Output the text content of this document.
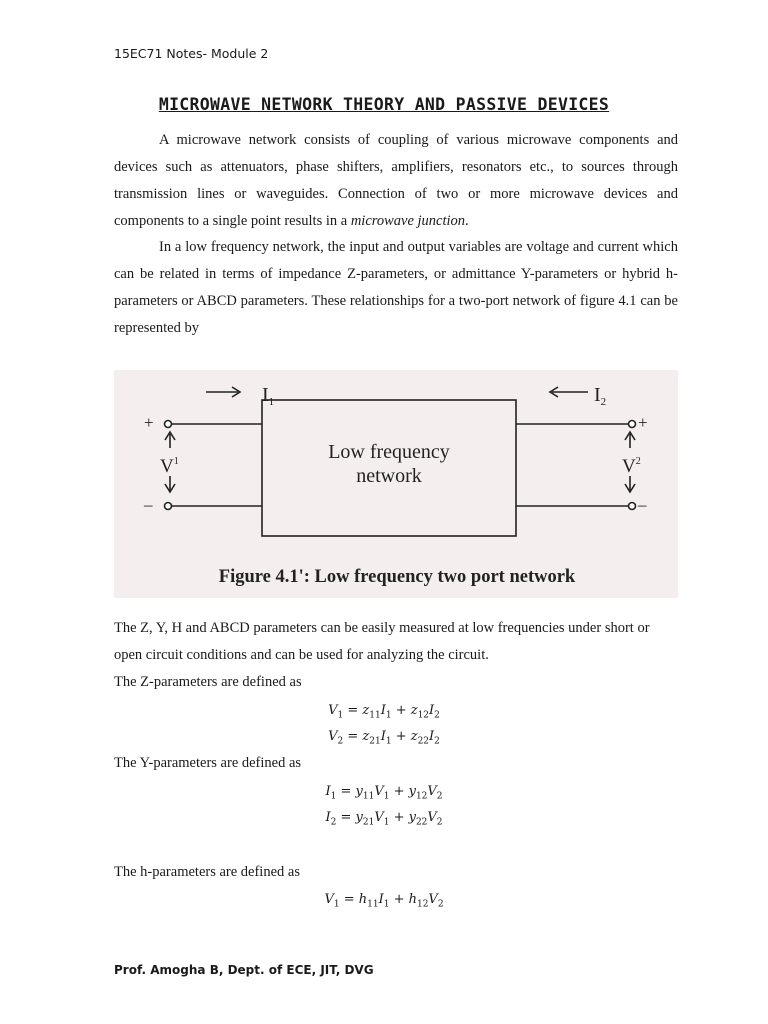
15EC71 Notes- Module 2
MICROWAVE NETWORK THEORY AND PASSIVE DEVICES

A microwave network consists of coupling of various microwave components and devices such as attenuators, phase shifters, amplifiers, resonators etc., to sources through transmission lines or waveguides. Connection of two or more microwave devices and components to a single point results in a microwave junction.

In a low frequency network, the input and output variables are voltage and current which can be related in terms of impedance Z-parameters, or admittance Y-parameters or hybrid h-parameters or ABCD parameters. These relationships for a two-port network of figure 4.1 can be represented by

$I_1$	$I_2$
+
–
+
–
$V^1$	$V^2$
Low frequency
network
Figure 4.1': Low frequency two port network

The Z, Y, H and ABCD parameters can be easily measured at low frequencies under short or

open circuit conditions and can be used for analyzing the circuit.

The Z-parameters are defined as

$V_1 = z_{11}I_1 + z_{12}I_2$
$V_2 = z_{21}I_1 + z_{22}I_2$

The Y-parameters are defined as

$I_1 = y_{11}V_1 + y_{12}V_2$
$I_2 = y_{21}V_1 + y_{22}V_2$

The h-parameters are defined as

$V_1 = h_{11}I_1 + h_{12}V_2$
Prof. Amogha B, Dept. of ECE, JIT, DVG
